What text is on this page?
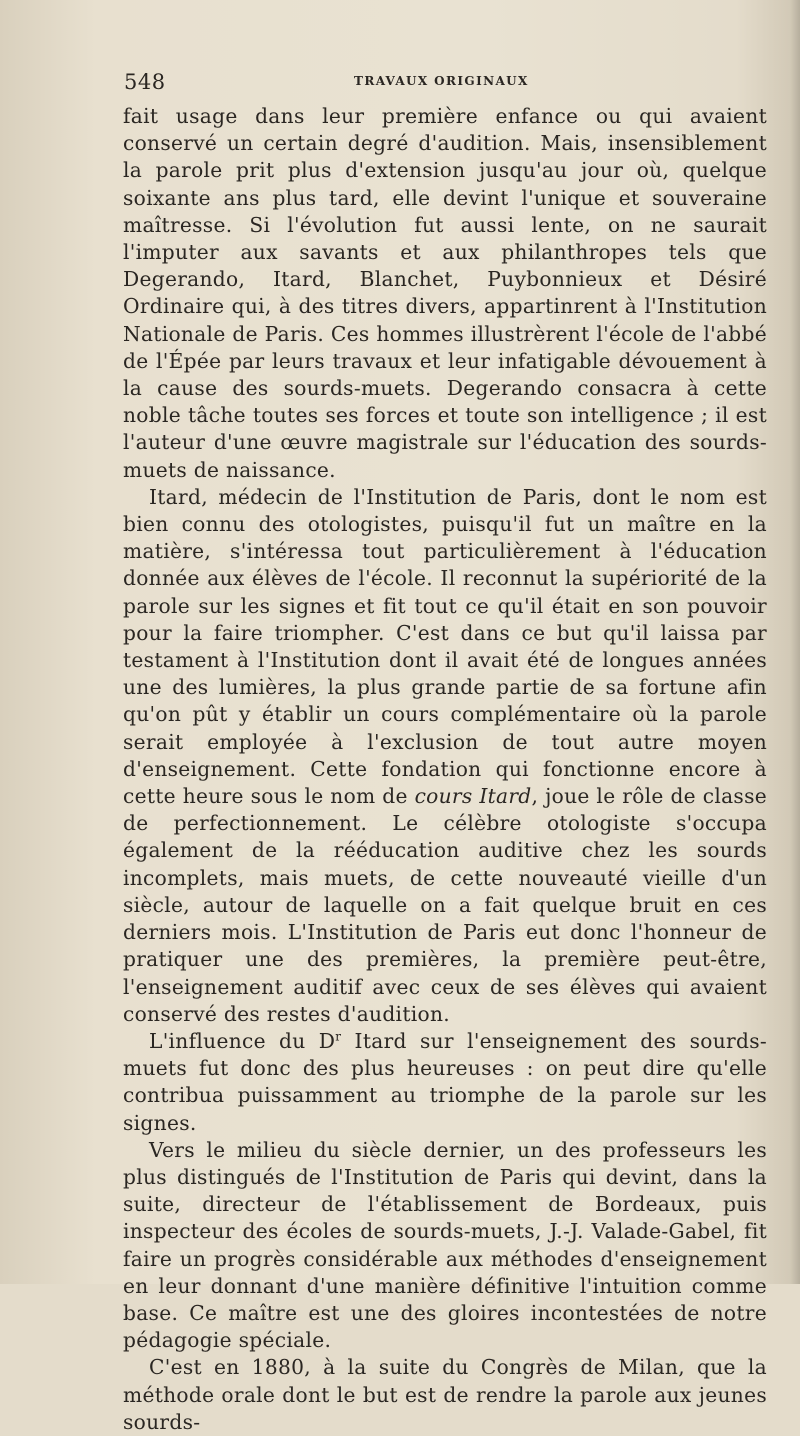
548	TRAVAUX ORIGINAUX

fait usage dans leur première enfance ou qui avaient conservé un certain degré d'audition. Mais, insensiblement la parole prit plus d'extension jusqu'au jour où, quelque soixante ans plus tard, elle devint l'unique et souveraine maîtresse. Si l'évolution fut aussi lente, on ne saurait l'imputer aux savants et aux philanthropes tels que Degerando, Itard, Blanchet, Puybonnieux et Désiré Ordinaire qui, à des titres divers, appartinrent à l'Institution Nationale de Paris. Ces hommes illustrèrent l'école de l'abbé de l'Épée par leurs travaux et leur infatigable dévouement à la cause des sourds-muets. Degerando consacra à cette noble tâche toutes ses forces et toute son intelligence ; il est l'auteur d'une œuvre magistrale sur l'éducation des sourds-muets de naissance.

Itard, médecin de l'Institution de Paris, dont le nom est bien connu des otologistes, puisqu'il fut un maître en la matière, s'intéressa tout particulièrement à l'éducation donnée aux élèves de l'école. Il reconnut la supériorité de la parole sur les signes et fit tout ce qu'il était en son pouvoir pour la faire triompher. C'est dans ce but qu'il laissa par testament à l'Institution dont il avait été de longues années une des lumières, la plus grande partie de sa fortune afin qu'on pût y établir un cours complémentaire où la parole serait employée à l'exclusion de tout autre moyen d'enseignement. Cette fondation qui fonctionne encore à cette heure sous le nom de cours Itard, joue le rôle de classe de perfectionnement. Le célèbre otologiste s'occupa également de la rééducation auditive chez les sourds incomplets, mais muets, de cette nouveauté vieille d'un siècle, autour de laquelle on a fait quelque bruit en ces derniers mois. L'Institution de Paris eut donc l'honneur de pratiquer une des premières, la première peut-être, l'enseignement auditif avec ceux de ses élèves qui avaient conservé des restes d'audition.

L'influence du $D^r$ Itard sur l'enseignement des sourds-muets fut donc des plus heureuses : on peut dire qu'elle contribua puissamment au triomphe de la parole sur les signes.

Vers le milieu du siècle dernier, un des professeurs les plus distingués de l'Institution de Paris qui devint, dans la suite, directeur de l'établissement de Bordeaux, puis inspecteur des écoles de sourds-muets, J.-J. Valade-Gabel, fit faire un progrès considérable aux méthodes d'enseignement en leur donnant d'une manière définitive l'intuition comme base. Ce maître est une des gloires incontestées de notre pédagogie spéciale.

C'est en 1880, à la suite du Congrès de Milan, que la méthode orale dont le but est de rendre la parole aux jeunes sourds-
